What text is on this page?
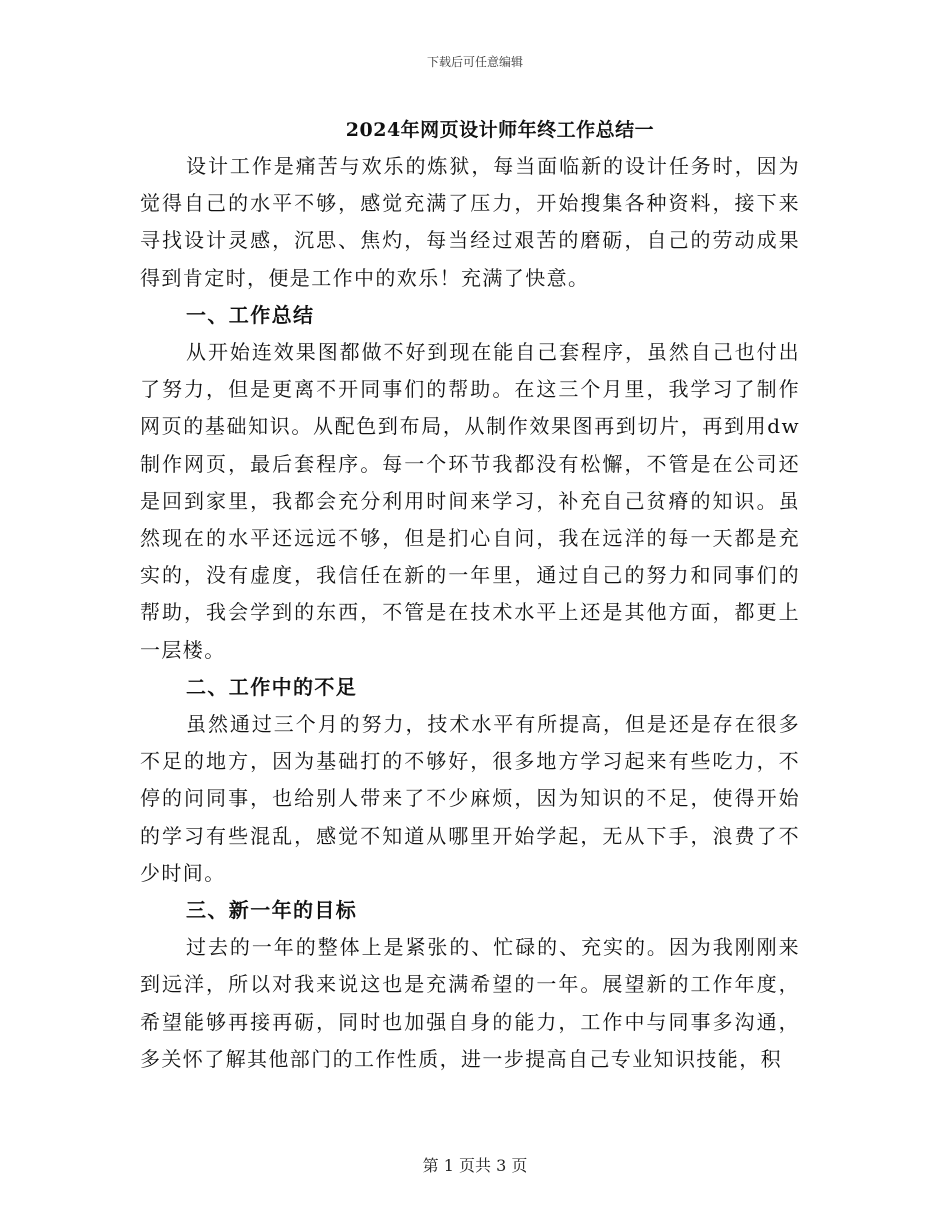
下载后可任意编辑
2024年网页设计师年终工作总结一

设计工作是痛苦与欢乐的炼狱，每当面临新的设计任务时，因为觉得自己的水平不够，感觉充满了压力，开始搜集各种资料，接下来寻找设计灵感，沉思、焦灼，每当经过艰苦的磨砺，自己的劳动成果得到肯定时，便是工作中的欢乐！充满了快意。

一、工作总结

从开始连效果图都做不好到现在能自己套程序，虽然自己也付出了努力，但是更离不开同事们的帮助。在这三个月里，我学习了制作网页的基础知识。从配色到布局，从制作效果图再到切片，再到用dw制作网页，最后套程序。每一个环节我都没有松懈，不管是在公司还是回到家里，我都会充分利用时间来学习，补充自己贫瘠的知识。虽然现在的水平还远远不够，但是扪心自问，我在远洋的每一天都是充实的，没有虚度，我信任在新的一年里，通过自己的努力和同事们的帮助，我会学到的东西，不管是在技术水平上还是其他方面，都更上一层楼。

二、工作中的不足

虽然通过三个月的努力，技术水平有所提高，但是还是存在很多不足的地方，因为基础打的不够好，很多地方学习起来有些吃力，不停的问同事，也给别人带来了不少麻烦，因为知识的不足，使得开始的学习有些混乱，感觉不知道从哪里开始学起，无从下手，浪费了不少时间。

三、新一年的目标

过去的一年的整体上是紧张的、忙碌的、充实的。因为我刚刚来到远洋，所以对我来说这也是充满希望的一年。展望新的工作年度，希望能够再接再砺，同时也加强自身的能力，工作中与同事多沟通，多关怀了解其他部门的工作性质，进一步提高自己专业知识技能，积

第 1 页共 3 页
